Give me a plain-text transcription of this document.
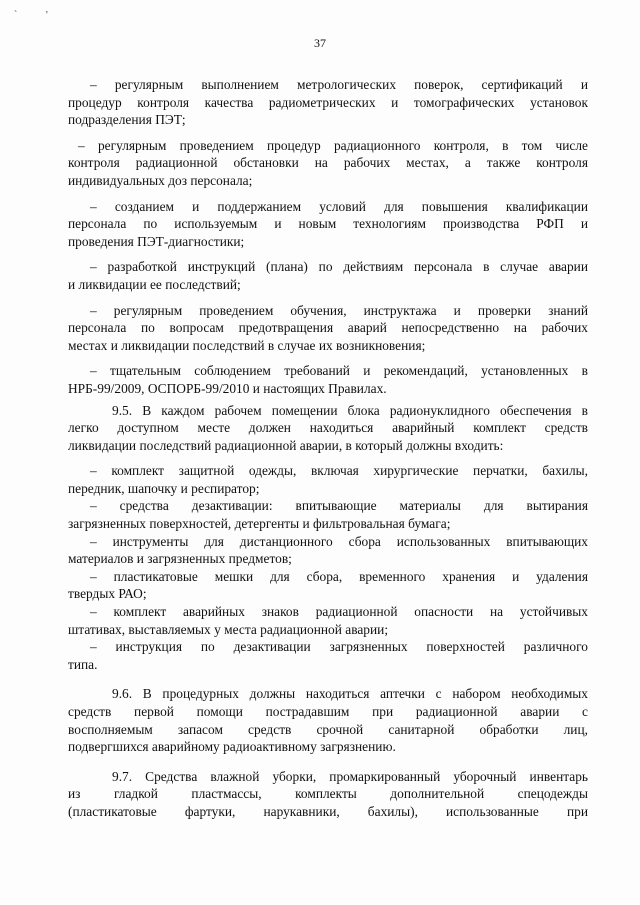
`	'
37
– регулярным выполнением метрологических поверок, сертификаций и
процедур контроля качества радиометрических и томографических установок
подразделения ПЭТ;
– регулярным проведением процедур радиационного контроля, в том числе
контроля радиационной обстановки на рабочих местах, а также контроля
индивидуальных доз персонала;
– созданием и поддержанием условий для повышения квалификации
персонала по используемым и новым технологиям производства РФП и
проведения ПЭТ-диагностики;
– разработкой инструкций (плана) по действиям персонала в случае аварии
и ликвидации ее последствий;
– регулярным проведением обучения, инструктажа и проверки знаний
персонала по вопросам предотвращения аварий непосредственно на рабочих
местах и ликвидации последствий в случае их возникновения;
– тщательным соблюдением требований и рекомендаций, установленных в
НРБ-99/2009, ОСПОРБ-99/2010 и настоящих Правилах.
9.5. В каждом рабочем помещении блока радионуклидного обеспечения в
легко доступном месте должен находиться аварийный комплект средств
ликвидации последствий радиационной аварии, в который должны входить:
– комплект защитной одежды, включая хирургические перчатки, бахилы,
передник, шапочку и респиратор;
– средства дезактивации: впитывающие материалы для вытирания
загрязненных поверхностей, детергенты и фильтровальная бумага;
– инструменты для дистанционного сбора использованных впитывающих
материалов и загрязненных предметов;
– пластикатовые мешки для сбора, временного хранения и удаления
твердых РАО;
– комплект аварийных знаков радиационной опасности на устойчивых
штативах, выставляемых у места радиационной аварии;
– инструкция по дезактивации загрязненных поверхностей различного
типа.
9.6. В процедурных должны находиться аптечки с набором необходимых
средств первой помощи пострадавшим при радиационной аварии с
восполняемым запасом средств срочной санитарной обработки лиц,
подвергшихся аварийному радиоактивному загрязнению.
9.7. Средства влажной уборки, промаркированный уборочный инвентарь
из гладкой пластмассы, комплекты дополнительной спецодежды
(пластикатовые фартуки, нарукавники, бахилы), использованные при
